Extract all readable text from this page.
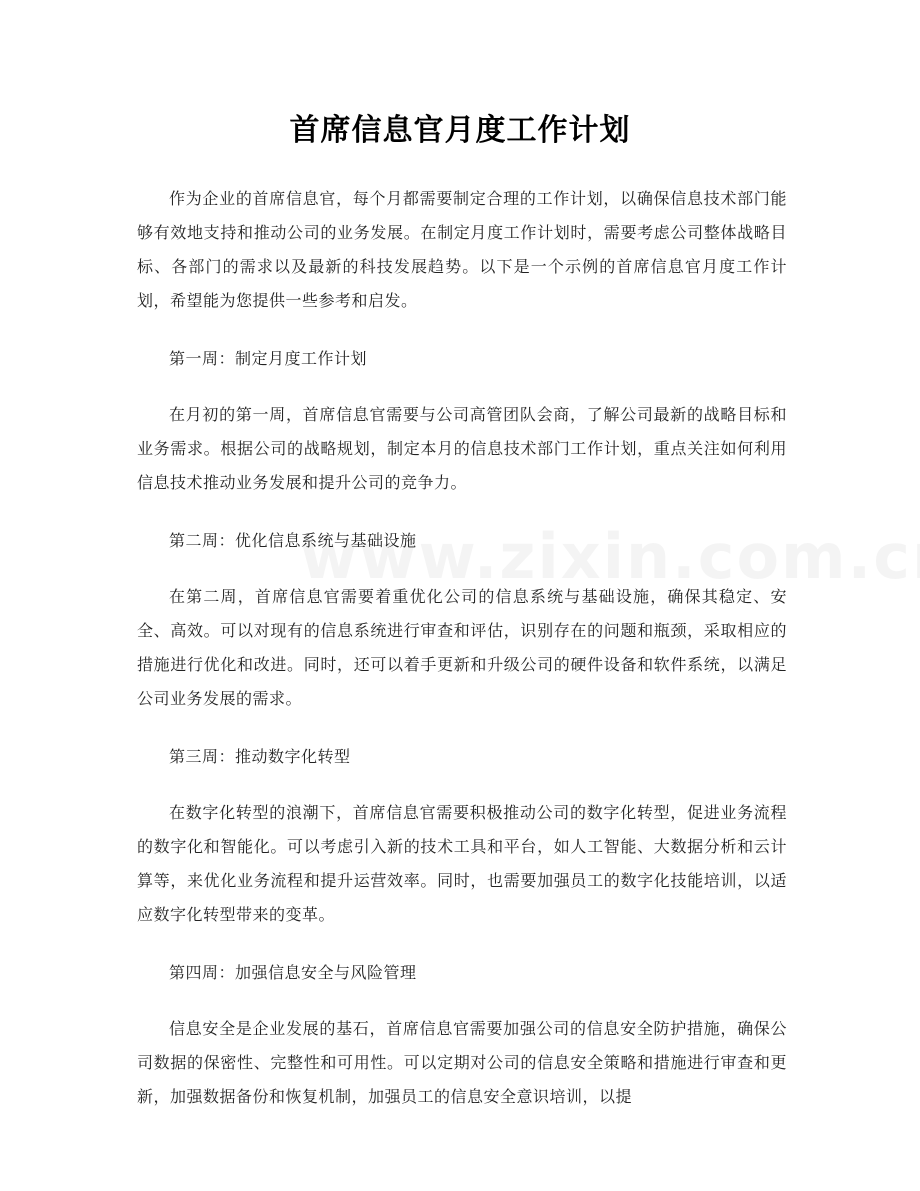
首席信息官月度工作计划

作为企业的首席信息官，每个月都需要制定合理的工作计划，以确保信息技术部门能够有效地支持和推动公司的业务发展。在制定月度工作计划时，需要考虑公司整体战略目标、各部门的需求以及最新的科技发展趋势。以下是一个示例的首席信息官月度工作计划，希望能为您提供一些参考和启发。

第一周：制定月度工作计划

在月初的第一周，首席信息官需要与公司高管团队会商，了解公司最新的战略目标和业务需求。根据公司的战略规划，制定本月的信息技术部门工作计划，重点关注如何利用信息技术推动业务发展和提升公司的竞争力。

第二周：优化信息系统与基础设施

在第二周，首席信息官需要着重优化公司的信息系统与基础设施，确保其稳定、安全、高效。可以对现有的信息系统进行审查和评估，识别存在的问题和瓶颈，采取相应的措施进行优化和改进。同时，还可以着手更新和升级公司的硬件设备和软件系统，以满足公司业务发展的需求。

第三周：推动数字化转型

在数字化转型的浪潮下，首席信息官需要积极推动公司的数字化转型，促进业务流程的数字化和智能化。可以考虑引入新的技术工具和平台，如人工智能、大数据分析和云计算等，来优化业务流程和提升运营效率。同时，也需要加强员工的数字化技能培训，以适应数字化转型带来的变革。

第四周：加强信息安全与风险管理

信息安全是企业发展的基石，首席信息官需要加强公司的信息安全防护措施，确保公司数据的保密性、完整性和可用性。可以定期对公司的信息安全策略和措施进行审查和更新，加强数据备份和恢复机制，加强员工的信息安全意识培训，以提
